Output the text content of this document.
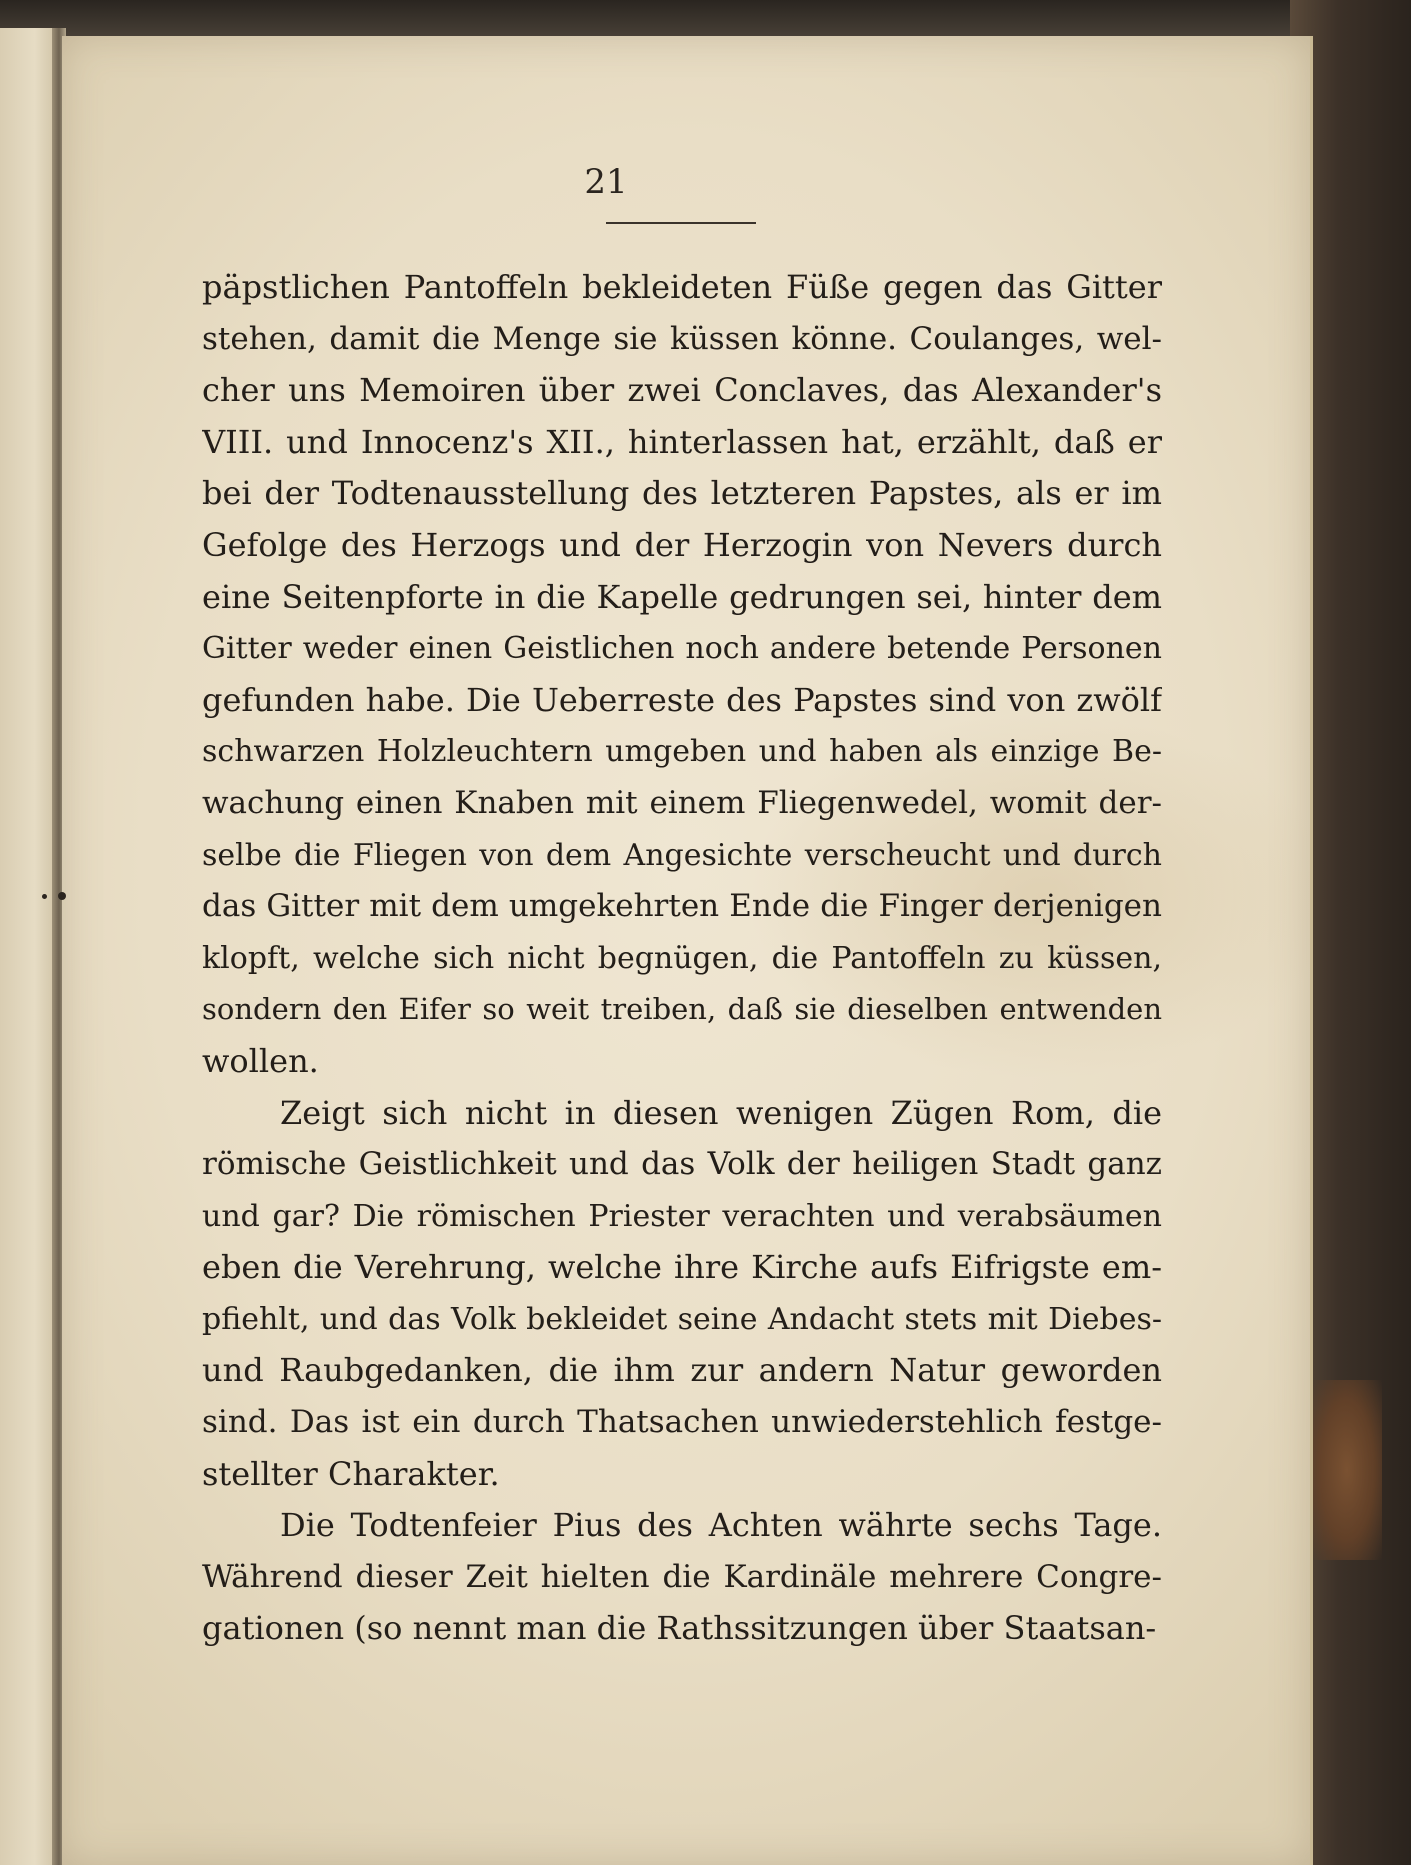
21
päpstlichen Pantoffeln bekleideten Füße gegen das Gitter
stehen, damit die Menge sie küssen könne. Coulanges, wel-
cher uns Memoiren über zwei Conclaves, das Alexander's
VIII. und Innocenz's XII., hinterlassen hat, erzählt, daß er
bei der Todtenausstellung des letzteren Papstes, als er im
Gefolge des Herzogs und der Herzogin von Nevers durch
eine Seitenpforte in die Kapelle gedrungen sei, hinter dem
Gitter weder einen Geistlichen noch andere betende Personen
gefunden habe. Die Ueberreste des Papstes sind von zwölf
schwarzen Holzleuchtern umgeben und haben als einzige Be-
wachung einen Knaben mit einem Fliegenwedel, womit der-
selbe die Fliegen von dem Angesichte verscheucht und durch
das Gitter mit dem umgekehrten Ende die Finger derjenigen
klopft, welche sich nicht begnügen, die Pantoffeln zu küssen,
sondern den Eifer so weit treiben, daß sie dieselben entwenden
wollen.
Zeigt sich nicht in diesen wenigen Zügen Rom, die
römische Geistlichkeit und das Volk der heiligen Stadt ganz
und gar? Die römischen Priester verachten und verabsäumen
eben die Verehrung, welche ihre Kirche aufs Eifrigste em-
pfiehlt, und das Volk bekleidet seine Andacht stets mit Diebes-
und Raubgedanken, die ihm zur andern Natur geworden
sind. Das ist ein durch Thatsachen unwiederstehlich festge-
stellter Charakter.
Die Todtenfeier Pius des Achten währte sechs Tage.
Während dieser Zeit hielten die Kardinäle mehrere Congre-
gationen (so nennt man die Rathssitzungen über Staatsan-
